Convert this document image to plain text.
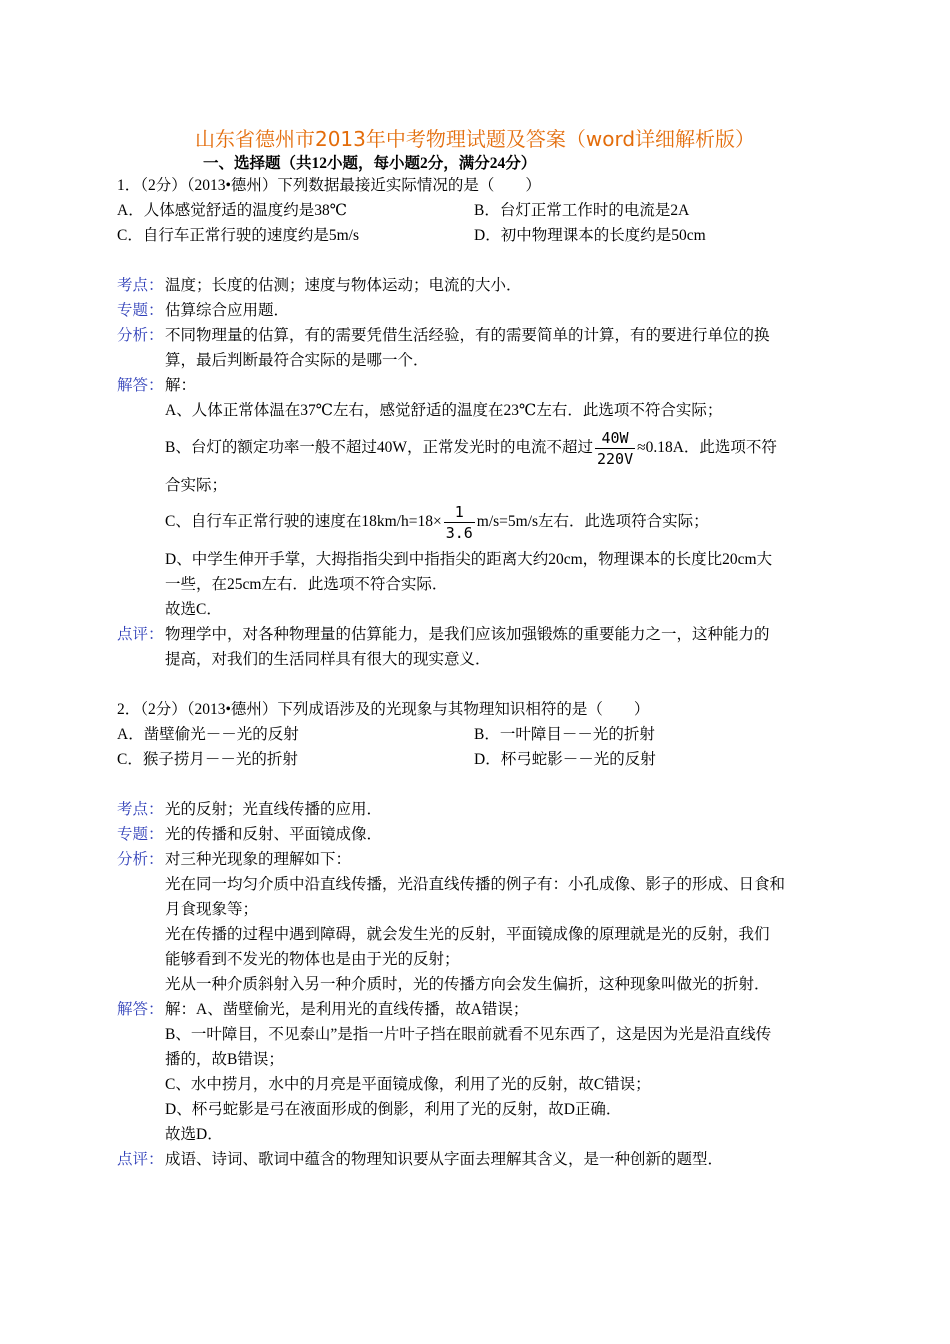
山东省德州市2013年中考物理试题及答案（word详细解析版）
一、选择题（共12小题，每小题2分，满分24分）
1．（2分）（2013•德州）下列数据最接近实际情况的是（　　）
A．人体感觉舒适的温度约是38℃	B．台灯正常工作时的电流是2A
C．自行车正常行驶的速度约是5m/s	D．初中物理课本的长度约是50cm
考点： 温度；长度的估测；速度与物体运动；电流的大小．
专题： 估算综合应用题．
分析： 不同物理量的估算，有的需要凭借生活经验，有的需要简单的计算，有的要进行单位的换
算，最后判断最符合实际的是哪一个．
解答： 解：
A、人体正常体温在37℃左右，感觉舒适的温度在23℃左右．此选项不符合实际；
B、台灯的额定功率一般不超过40W，正常发光时的电流不超过 $\frac{40W}{220V} \approx 0.18A$．此选项不符
合实际；
C、自行车正常行驶的速度在$18km/h=18\times \frac{1}{3.6} m/s=5m/s$左右．此选项符合实际；
D、中学生伸开手掌，大拇指指尖到中指指尖的距离大约20cm，物理课本的长度比20cm大
一些，在25cm左右．此选项不符合实际．
故选C．
点评： 物理学中，对各种物理量的估算能力，是我们应该加强锻炼的重要能力之一，这种能力的
提高，对我们的生活同样具有很大的现实意义．
2．（2分）（2013•德州）下列成语涉及的光现象与其物理知识相符的是（　　）
A．凿壁偷光－－光的反射	B．一叶障目－－光的折射
C．猴子捞月－－光的折射	D．杯弓蛇影－－光的反射
考点： 光的反射；光直线传播的应用．
专题： 光的传播和反射、平面镜成像．
分析： 对三种光现象的理解如下：
光在同一均匀介质中沿直线传播，光沿直线传播的例子有：小孔成像、影子的形成、日食和
月食现象等；
光在传播的过程中遇到障碍，就会发生光的反射，平面镜成像的原理就是光的反射，我们
能够看到不发光的物体也是由于光的反射；
光从一种介质斜射入另一种介质时，光的传播方向会发生偏折，这种现象叫做光的折射．
解答： 解：A、凿壁偷光，是利用光的直线传播，故A错误；
B、一叶障目，不见泰山”是指一片叶子挡在眼前就看不见东西了，这是因为光是沿直线传
播的，故B错误；
C、水中捞月，水中的月亮是平面镜成像，利用了光的反射，故C错误；
D、杯弓蛇影是弓在液面形成的倒影，利用了光的反射，故D正确．
故选D．
点评： 成语、诗词、歌词中蕴含的物理知识要从字面去理解其含义，是一种创新的题型．
